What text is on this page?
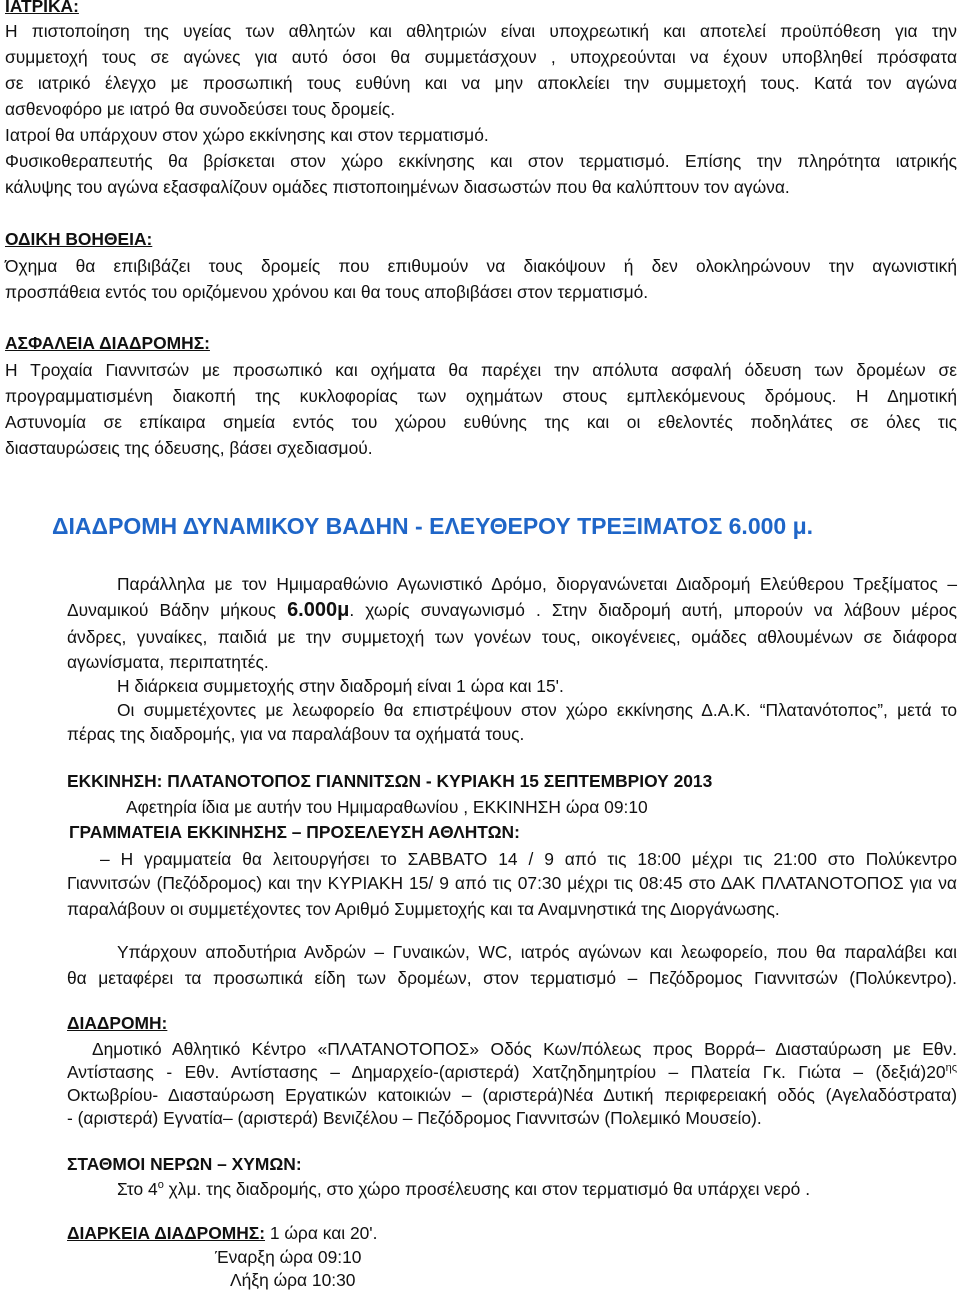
ΙΑΤΡΙΚΑ:
Η πιστοποίηση της υγείας των αθλητών και αθλητριών είναι υποχρεωτική και αποτελεί προϋπόθεση για την
συμμετοχή τους σε αγώνες για αυτό όσοι θα συμμετάσχουν , υποχρεούνται να έχουν υποβληθεί πρόσφατα
σε ιατρικό έλεγχο με προσωπική τους ευθύνη και να μην αποκλείει την συμμετοχή τους. Κατά τον αγώνα
ασθενοφόρο με ιατρό θα συνοδεύσει τους δρομείς.
Ιατροί θα υπάρχουν στον χώρο εκκίνησης και στον τερματισμό.
Φυσικοθεραπευτής θα βρίσκεται στον χώρο εκκίνησης και στον τερματισμό. Επίσης την πληρότητα ιατρικής
κάλυψης του αγώνα εξασφαλίζουν ομάδες πιστοποιημένων διασωστών που θα καλύπτουν τον αγώνα.
ΟΔΙΚΗ ΒΟΗΘΕΙΑ:
Όχημα θα επιβιβάζει τους δρομείς που επιθυμούν να διακόψουν ή δεν ολοκληρώνουν την αγωνιστική
προσπάθεια εντός του οριζόμενου χρόνου και θα τους αποβιβάσει στον τερματισμό.
ΑΣΦΑΛΕΙΑ ΔΙΑΔΡΟΜΗΣ:
Η Τροχαία Γιαννιτσών με προσωπικό και οχήματα θα παρέχει την απόλυτα ασφαλή όδευση των δρομέων σε
προγραμματισμένη διακοπή της κυκλοφορίας των οχημάτων στους εμπλεκόμενους δρόμους. Η Δημοτική
Αστυνομία σε επίκαιρα σημεία εντός του χώρου ευθύνης της και οι εθελοντές ποδηλάτες σε όλες τις
διασταυρώσεις της όδευσης, βάσει σχεδιασμού.
ΔΙΑΔΡΟΜΗ ΔΥΝΑΜΙΚΟΥ ΒΑΔΗΝ - ΕΛΕΥΘΕΡΟΥ ΤΡΕΞΙΜΑΤΟΣ 6.000 μ.
Παράλληλα με τον Ημιμαραθώνιο Αγωνιστικό Δρόμο, διοργανώνεται Διαδρομή Ελεύθερου Τρεξίματος –
Δυναμικού Βάδην μήκους 6.000μ. χωρίς συναγωνισμό . Στην διαδρομή αυτή, μπορούν να λάβουν μέρος
άνδρες, γυναίκες, παιδιά με την συμμετοχή των γονέων τους, οικογένειες, ομάδες αθλουμένων σε διάφορα
αγωνίσματα, περιπατητές.
Η διάρκεια συμμετοχής στην διαδρομή είναι 1 ώρα και 15'.
Οι συμμετέχοντες με λεωφορείο θα επιστρέψουν στον χώρο εκκίνησης Δ.Α.Κ. “Πλατανότοπος”, μετά το
πέρας της διαδρομής, για να παραλάβουν τα οχήματά τους.
ΕΚΚΙΝΗΣΗ: ΠΛΑΤΑΝΟΤΟΠΟΣ ΓΙΑΝΝΙΤΣΩΝ - ΚΥΡΙΑΚΗ 15 ΣΕΠΤΕΜΒΡΙΟΥ 2013
Αφετηρία ίδια με αυτήν του Ημιμαραθωνίου , ΕΚΚΙΝΗΣΗ ώρα 09:10
ΓΡΑΜΜΑΤΕΙΑ ΕΚΚΙΝΗΣΗΣ – ΠΡΟΣΕΛΕΥΣΗ ΑΘΛΗΤΩΝ:
– Η γραμματεία θα λειτουργήσει το ΣΑΒΒΑΤΟ 14 / 9 από τις 18:00 μέχρι τις 21:00 στο Πολύκεντρο
Γιαννιτσών (Πεζόδρομος) και την ΚΥΡΙΑΚΗ 15/ 9 από τις 07:30 μέχρι τις 08:45 στο ΔΑΚ ΠΛΑΤΑΝΟΤΟΠΟΣ για να
παραλάβουν οι συμμετέχοντες τον Αριθμό Συμμετοχής και τα Αναμνηστικά της Διοργάνωσης.
Υπάρχουν αποδυτήρια Ανδρών – Γυναικών, WC, ιατρός αγώνων και λεωφορείο, που θα παραλάβει και
θα μεταφέρει τα προσωπικά είδη των δρομέων, στον τερματισμό – Πεζόδρομος Γιαννιτσών (Πολύκεντρο).
ΔΙΑΔΡΟΜΗ:
Δημοτικό Αθλητικό Κέντρο «ΠΛΑΤΑΝΟΤΟΠΟΣ» Οδός Κων/πόλεως προς Βορρά– Διασταύρωση με Εθν.
Αντίστασης - Εθν. Αντίστασης – Δημαρχείο-(αριστερά) Χατζηδημητρίου – Πλατεία Γκ. Γιώτα – $(\delta\varepsilon\xi\iota ά)20^{\eta\varsigma}$
Οκτωβρίου- Διασταύρωση Εργατικών κατοικιών – (αριστερά)Νέα Δυτική περιφερειακή οδός (Αγελαδόστρατα)
- (αριστερά) Εγνατία– (αριστερά) Βενιζέλου – Πεζόδρομος Γιαννιτσών (Πολεμικό Μουσείο).
ΣΤΑΘΜΟΙ ΝΕΡΩΝ – ΧΥΜΩΝ:
Στο $4^o$ χλμ. της διαδρομής, στο χώρο προσέλευσης και στον τερματισμό θα υπάρχει νερό .
ΔΙΑΡΚΕΙΑ ΔΙΑΔΡΟΜΗΣ: 1 ώρα και 20'.
Έναρξη ώρα 09:10
Λήξη ώρα 10:30
